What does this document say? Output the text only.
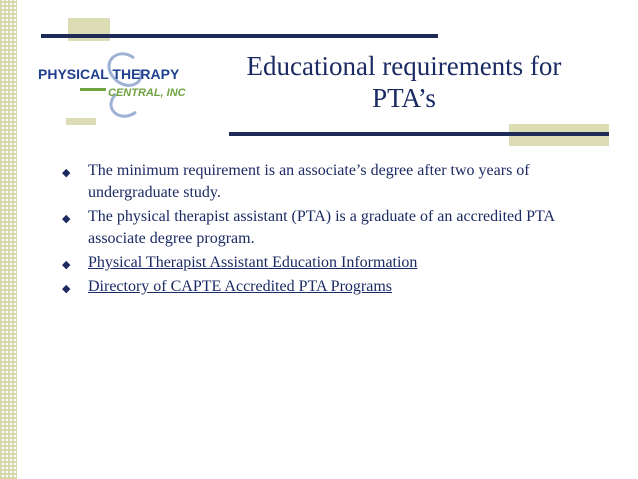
PHYSICAL THERAPY
CENTRAL, INC
Educational requirements for
PTA’s
◆ The minimum requirement is an associate’s degree after two years of undergraduate study.
◆ The physical therapist assistant (PTA) is a graduate of an accredited PTA associate degree program.
◆ Physical Therapist Assistant Education Information
◆ Directory of CAPTE Accredited PTA Programs
